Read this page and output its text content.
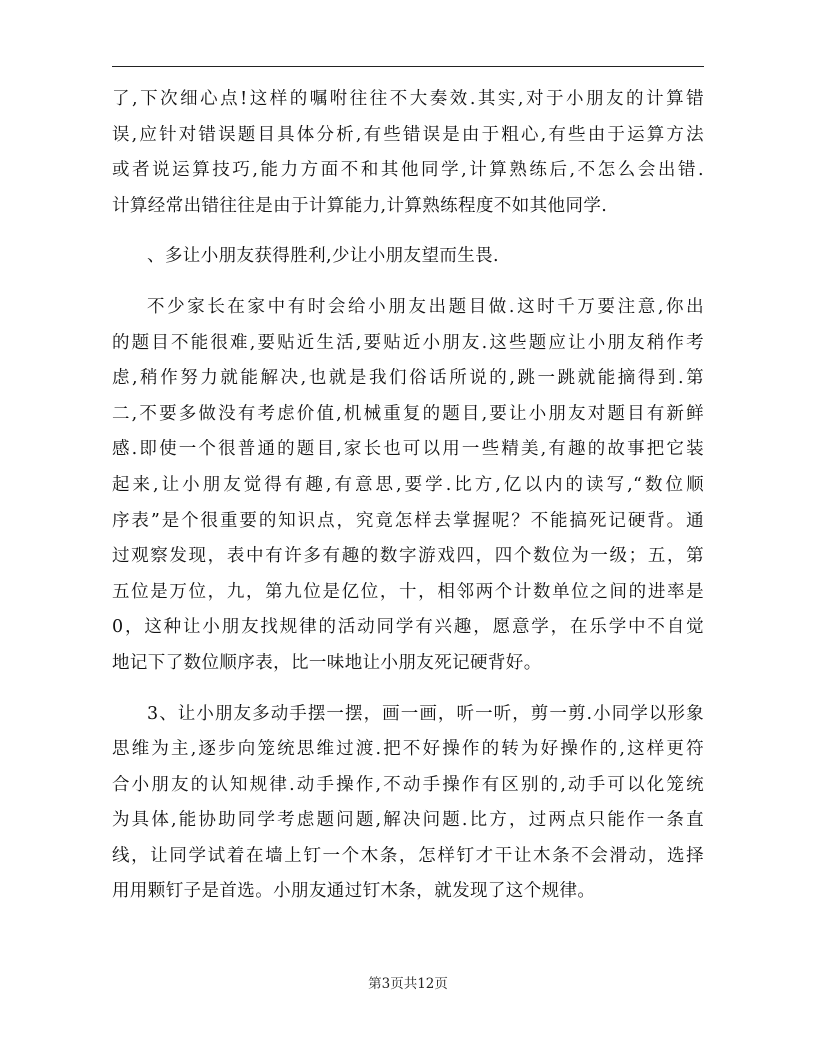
了,下次细心点!这样的嘱咐往往不大奏效.其实,对于小朋友的计算错
误,应针对错误题目具体分析,有些错误是由于粗心,有些由于运算方法
或者说运算技巧,能力方面不和其他同学,计算熟练后,不怎么会出错.
计算经常出错往往是由于计算能力,计算熟练程度不如其他同学.
、多让小朋友获得胜利,少让小朋友望而生畏.
不少家长在家中有时会给小朋友出题目做.这时千万要注意,你出
的题目不能很难,要贴近生活,要贴近小朋友.这些题应让小朋友稍作考
虑,稍作努力就能解决,也就是我们俗话所说的,跳一跳就能摘得到.第
二,不要多做没有考虑价值,机械重复的题目,要让小朋友对题目有新鲜
感.即使一个很普通的题目,家长也可以用一些精美,有趣的故事把它装
起来,让小朋友觉得有趣,有意思,要学.比方,亿以内的读写,“数位顺
序表”是个很重要的知识点，究竟怎样去掌握呢？不能搞死记硬背。通
过观察发现，表中有许多有趣的数字游戏四，四个数位为一级；五，第
五位是万位，九，第九位是亿位，十，相邻两个计数单位之间的进率是
0，这种让小朋友找规律的活动同学有兴趣，愿意学，在乐学中不自觉
地记下了数位顺序表，比一味地让小朋友死记硬背好。
3、让小朋友多动手摆一摆，画一画，听一听，剪一剪.小同学以形象
思维为主,逐步向笼统思维过渡.把不好操作的转为好操作的,这样更符
合小朋友的认知规律.动手操作,不动手操作有区别的,动手可以化笼统
为具体,能协助同学考虑题问题,解决问题.比方，过两点只能作一条直
线，让同学试着在墙上钉一个木条，怎样钉才干让木条不会滑动，选择
用用颗钉子是首选。小朋友通过钉木条，就发现了这个规律。
第3页共12页
